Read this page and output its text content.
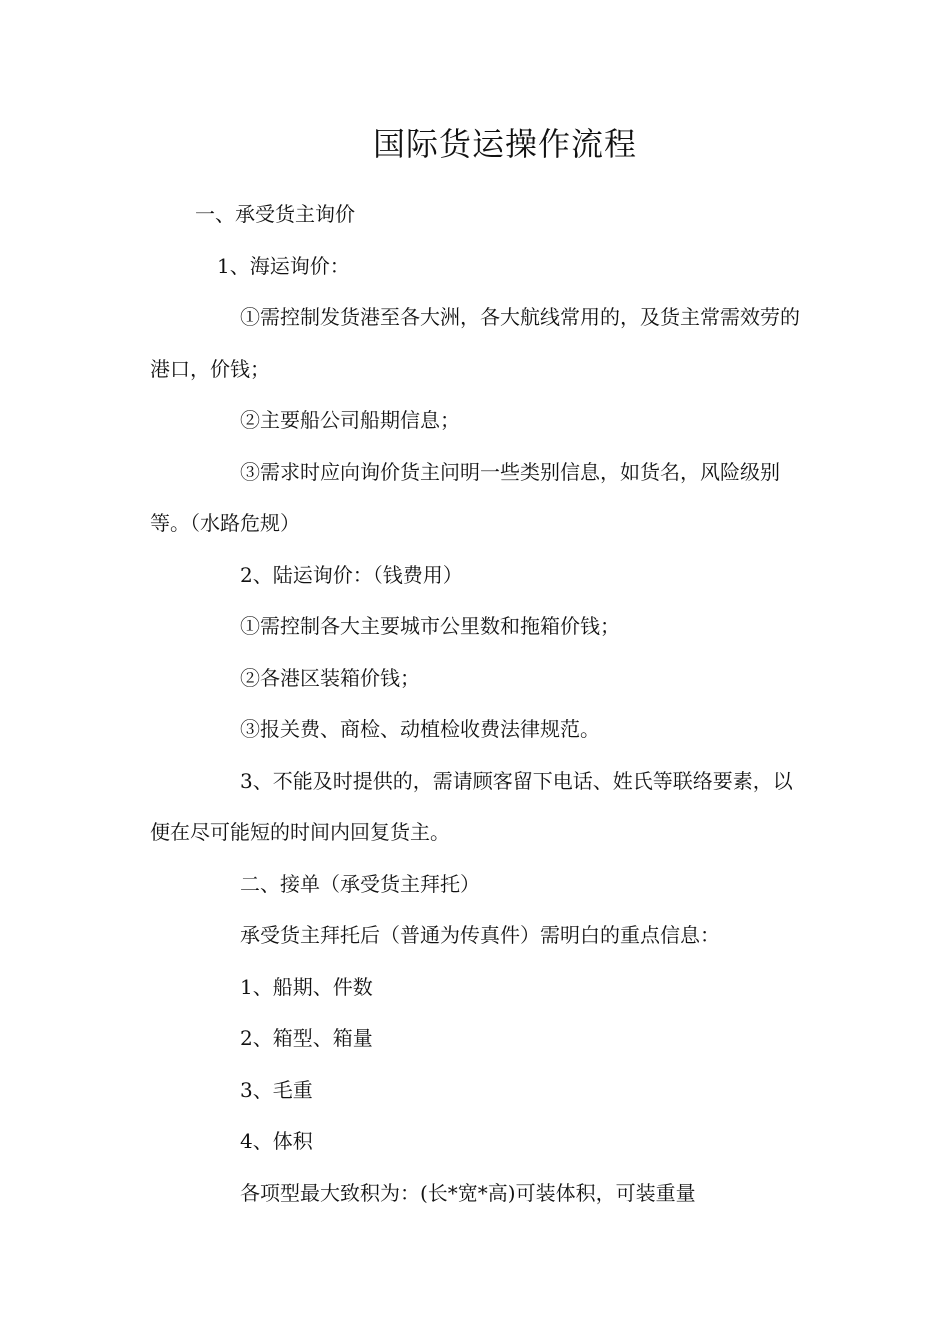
国际货运操作流程

一、承受货主询价

1、海运询价：

①需控制发货港至各大洲，各大航线常用的，及货主常需效劳的港口，价钱；

②主要船公司船期信息；

③需求时应向询价货主问明一些类别信息，如货名，风险级别等。（水路危规）

2、陆运询价：（钱费用）

①需控制各大主要城市公里数和拖箱价钱；

②各港区装箱价钱；

③报关费、商检、动植检收费法律规范。

3、不能及时提供的，需请顾客留下电话、姓氏等联络要素，以便在尽可能短的时间内回复货主。

二、接单（承受货主拜托）

承受货主拜托后（普通为传真件）需明白的重点信息：

1、船期、件数

2、箱型、箱量

3、毛重

4、体积

各项型最大致积为：(长*宽*高)可装体积，可装重量
